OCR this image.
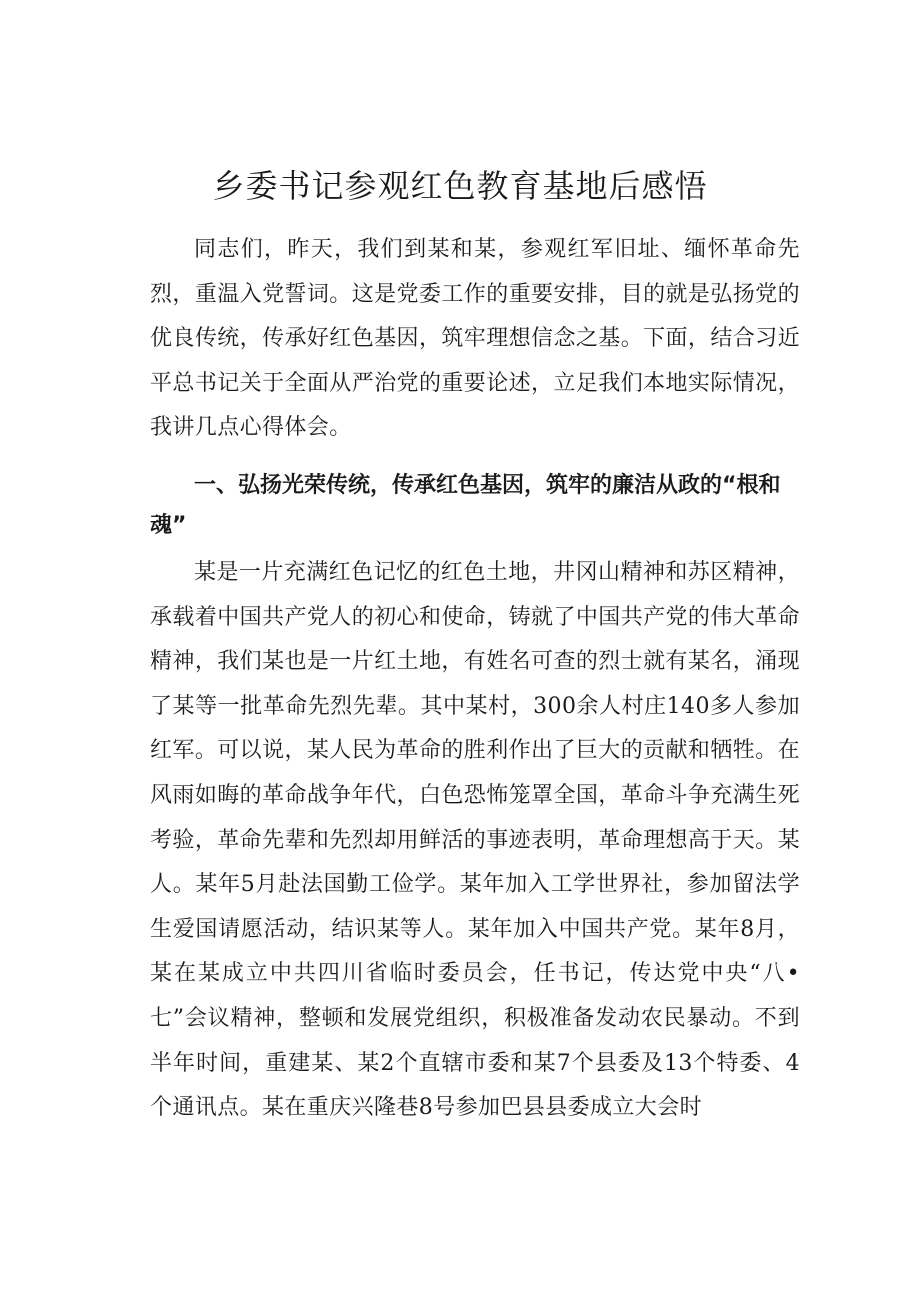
乡委书记参观红色教育基地后感悟

同志们，昨天，我们到某和某，参观红军旧址、缅怀革命先烈，重温入党誓词。这是党委工作的重要安排，目的就是弘扬党的优良传统，传承好红色基因，筑牢理想信念之基。下面，结合习近平总书记关于全面从严治党的重要论述，立足我们本地实际情况，我讲几点心得体会。

一、弘扬光荣传统，传承红色基因，筑牢的廉洁从政的“根和魂”

某是一片充满红色记忆的红色土地，井冈山精神和苏区精神，承载着中国共产党人的初心和使命，铸就了中国共产党的伟大革命精神，我们某也是一片红土地，有姓名可查的烈士就有某名，涌现了某等一批革命先烈先辈。其中某村，300余人村庄140多人参加红军。可以说，某人民为革命的胜利作出了巨大的贡献和牺牲。在风雨如晦的革命战争年代，白色恐怖笼罩全国，革命斗争充满生死考验，革命先辈和先烈却用鲜活的事迹表明，革命理想高于天。某人。某年5月赴法国勤工俭学。某年加入工学世界社，参加留法学生爱国请愿活动，结识某等人。某年加入中国共产党。某年8月，某在某成立中共四川省临时委员会，任书记，传达党中央“八•七”会议精神，整顿和发展党组织，积极准备发动农民暴动。不到半年时间，重建某、某2个直辖市委和某7个县委及13个特委、4个通讯点。某在重庆兴隆巷8号参加巴县县委成立大会时
